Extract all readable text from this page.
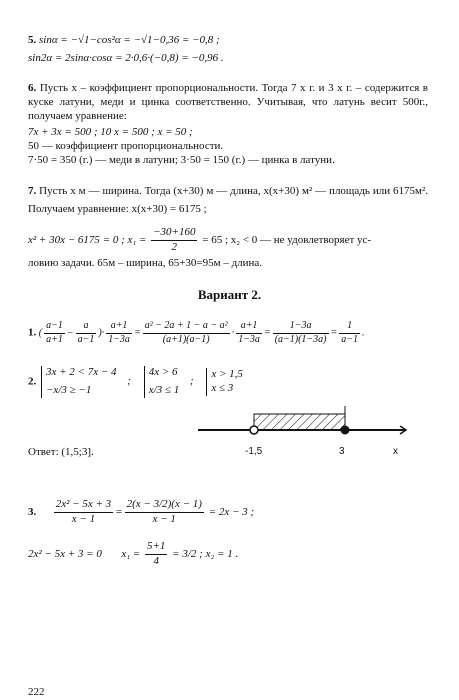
5. sinα = −√1−cos²α = −√1−0,36 = −0,8 ;
sin2α = 2sinα·cosα = 2·0,6·(−0,8) = −0,96 .
6. Пусть x – коэффициент пропорциональности. Тогда 7 x г. и 3 x г. – содержится в куске латуни, меди и цинка соответственно. Учитывая, что латунь весит 500г., получаем уравнение:
7x + 3x = 500 ; 10 x = 500 ; x = 50 ;
50 — коэффициент пропорциональности.
7·50 = 350 (г.) — меди в латуни; 3·50 = 150 (г.) — цинка в латуни.
7. Пусть x м — ширина. Тогда (x+30) м — длина, x(x+30) м² — площадь или 6175м². Получаем уравнение: x(x+30) = 6175 ;
x² + 30x − 6175 = 0 ; $x_1 = \frac{-30+160}{2} = 65$ ; x₂ < 0 — не удовлетворяет ус-
ловию задачи. 65м – ширина, 65+30=95м – длина.
Вариант 2.
1. ( $\frac{a-1}{a+1} - \frac{a}{a-1}$ )· $\frac{a+1}{1-3a} = \frac{\text{a² − 2a + 1 − a − a²}}{(a+1)(a-1)} \cdot \frac{a+1}{1-3a} = \frac{1-3a}{(a-1)(1-3a)} = \frac{1}{a-1}$ .
2.
3x + 2 < 7x − 4
−x/3 ≥ −1
;
4x > 6
x/3 ≤ 1
;
x > 1,5
x ≤ 3
-1,5	3	x
Ответ: (1,5;3].
3. $\frac{\text{2x² − 5x + 3}}{x - 1} = \frac{2(x - 3/2)(x - 1)}{x - 1} = 2x - 3$ ;
2x² − 5x + 3 = 0 $x_1 = \frac{5+1}{4} = 3/2$ ; x₂ = 1 .
222
